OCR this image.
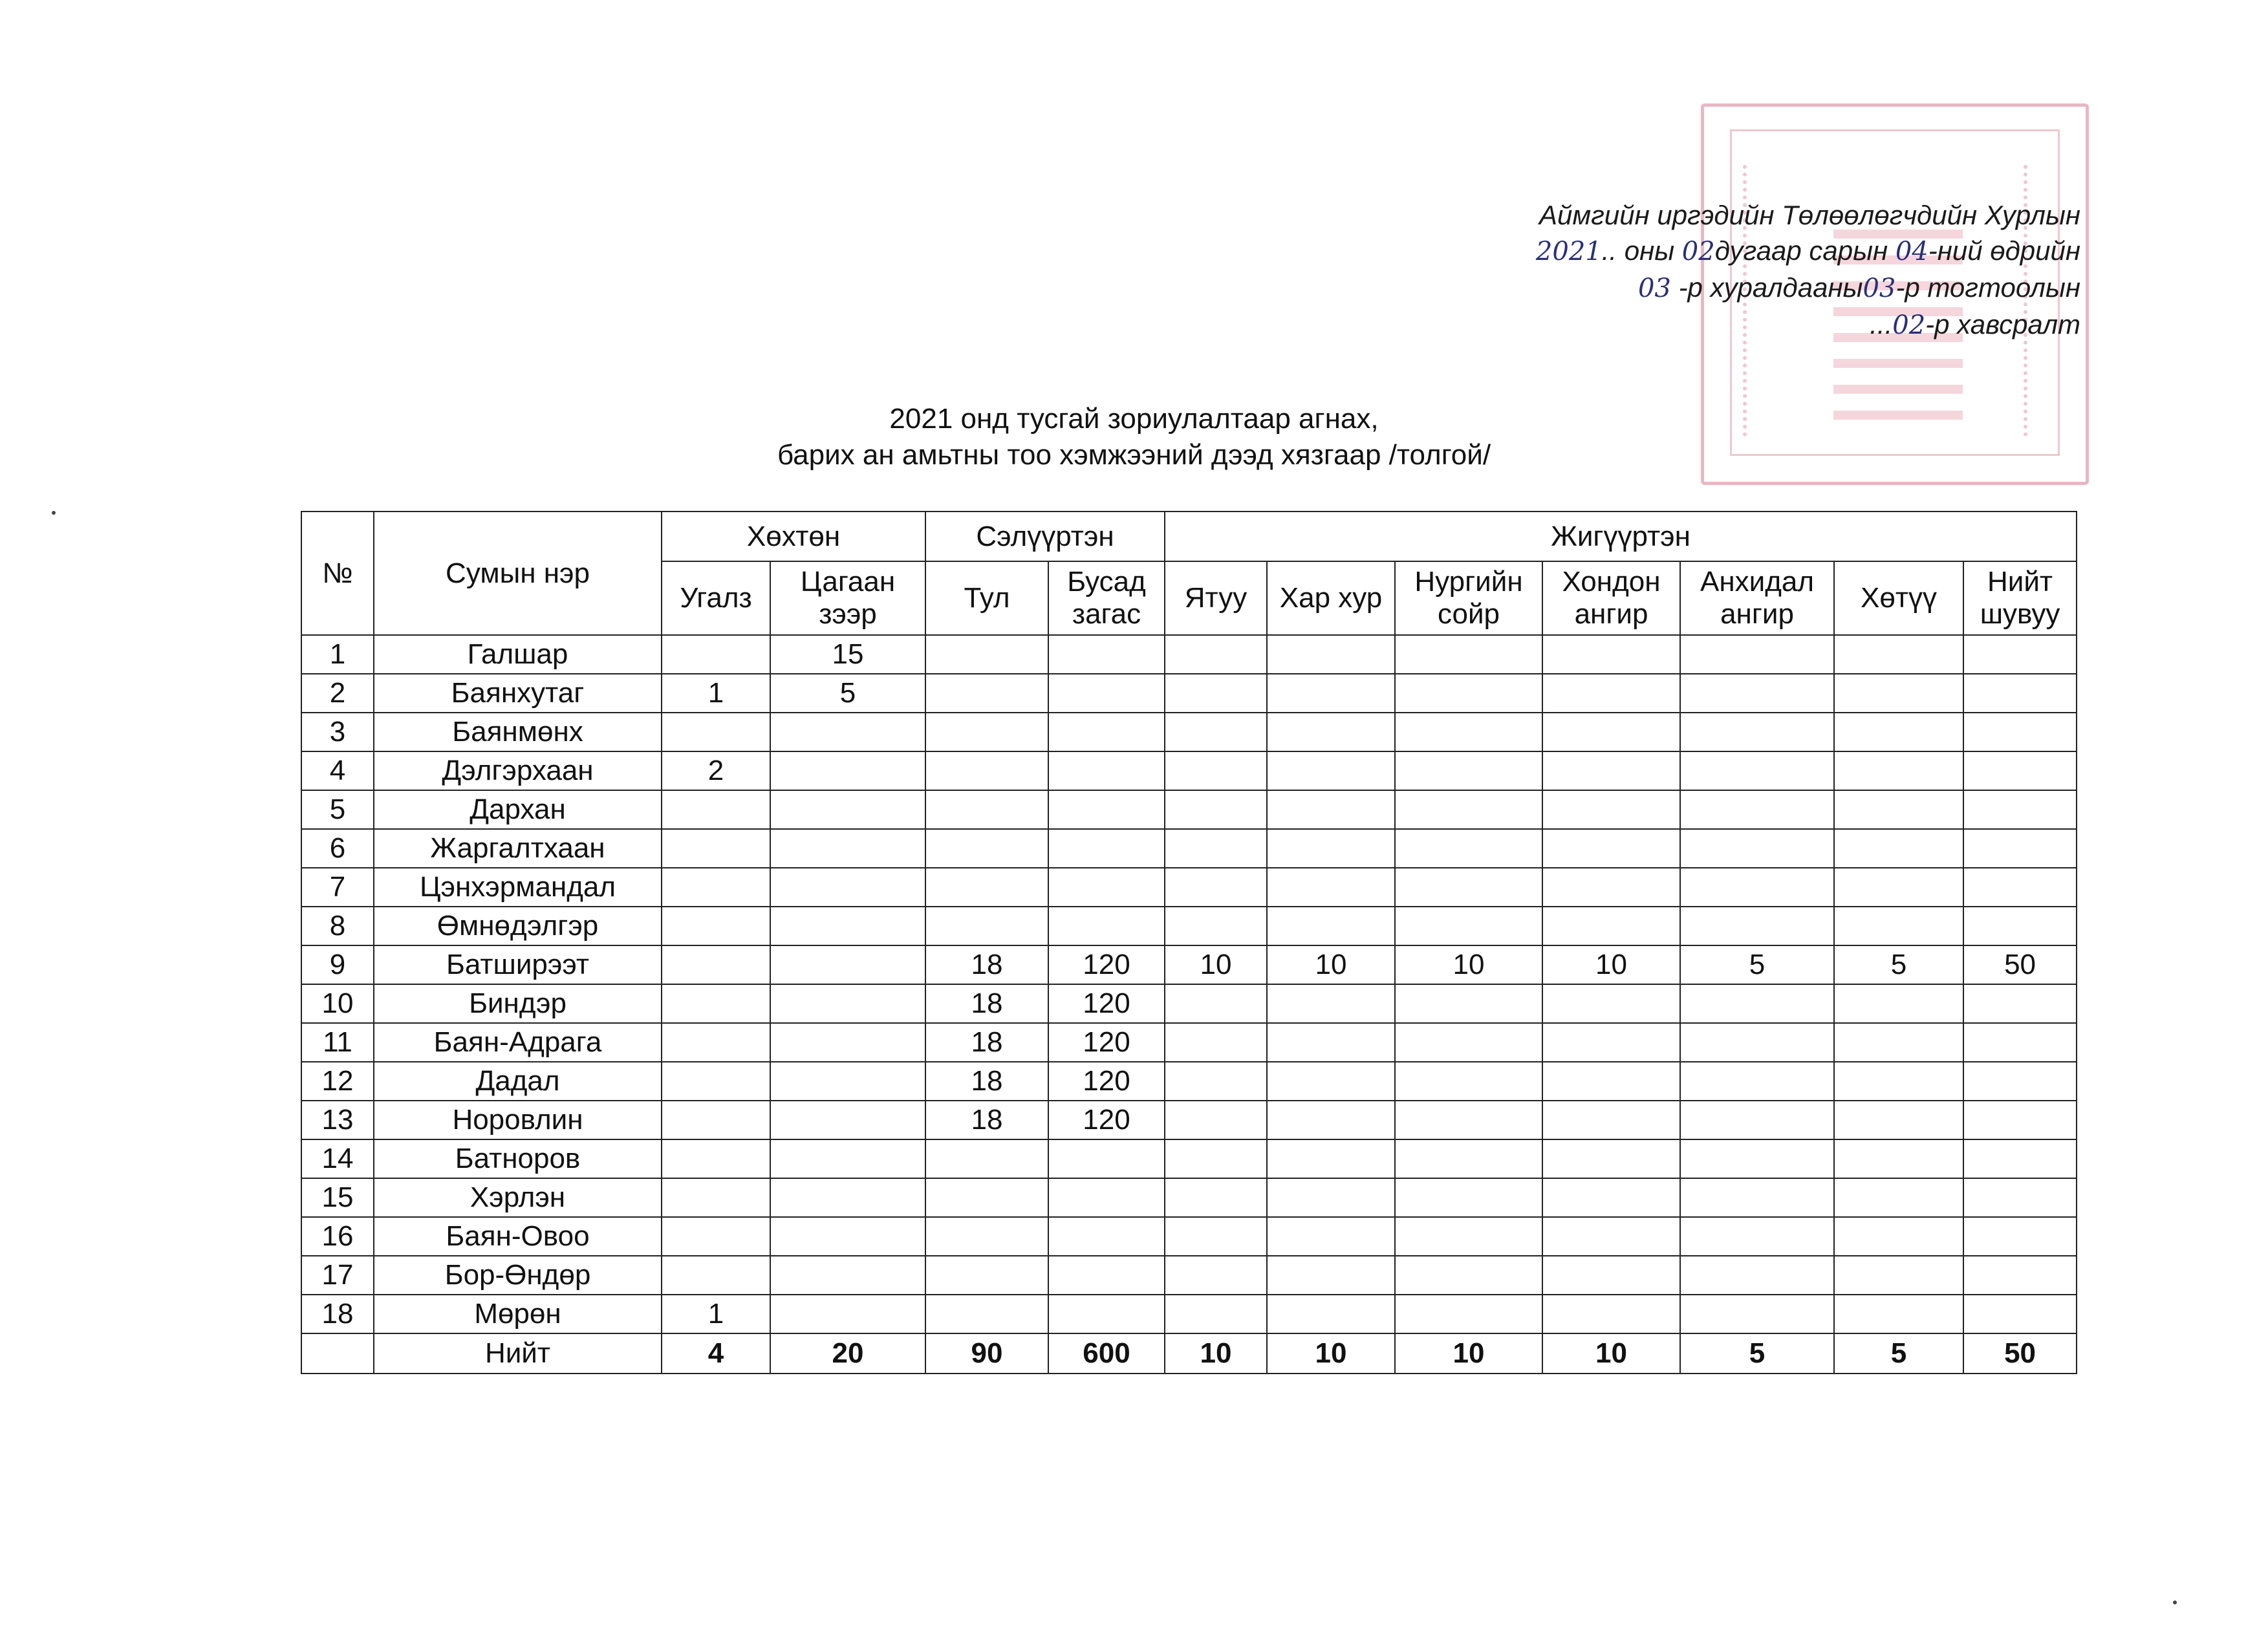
Аймгийн иргэдийн Төлөөлөгчдийн Хурлын
2021.. оны 02дугаар сарын 04-ний өдрийн
03 -р хуралдааны03-р тогтоолын
...02-р хавсралт
2021 онд тусгай зориулалтаар агнах,
барих ан амьтны тоо хэмжээний дээд хязгаар /толгой/
№	Сумын нэр	Хөхтөн		Сэлүүртэн		Жигүүртэн						
		Угалз	Цагаан зээр	Тул	Бусад загас	Ятуу	Хар хур	Нургийн сойр	Хондон ангир	Анхидал ангир	Хөтүү	Нийт шувуу
1	Галшар		15									
2	Баянхутаг	1	5									
3	Баянмөнх											
4	Дэлгэрхаан	2										
5	Дархан											
6	Жаргалтхаан											
7	Цэнхэрмандал											
8	Өмнөдэлгэр											
9	Батширээт			18	120	10	10	10	10	5	5	50
10	Биндэр			18	120							
11	Баян-Адрага			18	120							
12	Дадал			18	120							
13	Норовлин			18	120							
14	Батноров											
15	Хэрлэн											
16	Баян-Овоо											
17	Бор-Өндөр											
18	Мөрөн	1										
	Нийт	4	20	90	600	10	10	10	10	5	5	50
